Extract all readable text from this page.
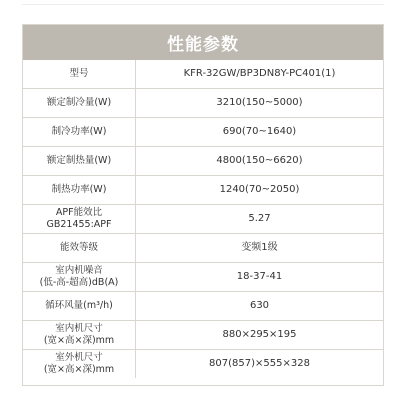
性能参数
型号	KFR-32GW/BP3DN8Y-PC401(1)
额定制冷量(W)	3210(150~5000)
制冷功率(W)	690(70~1640)
额定制热量(W)	4800(150~6620)
制热功率(W)	1240(70~2050)

APF能效比
GB21455:APF	5.27
能效等级	变频1级

室内机噪音
(低-高-超高)dB(A)	18-37-41
循环风量(m³/h)	630

室内机尺寸
(宽×高×深)mm	880×295×195

室外机尺寸
(宽×高×深)mm	807(857)×555×328
